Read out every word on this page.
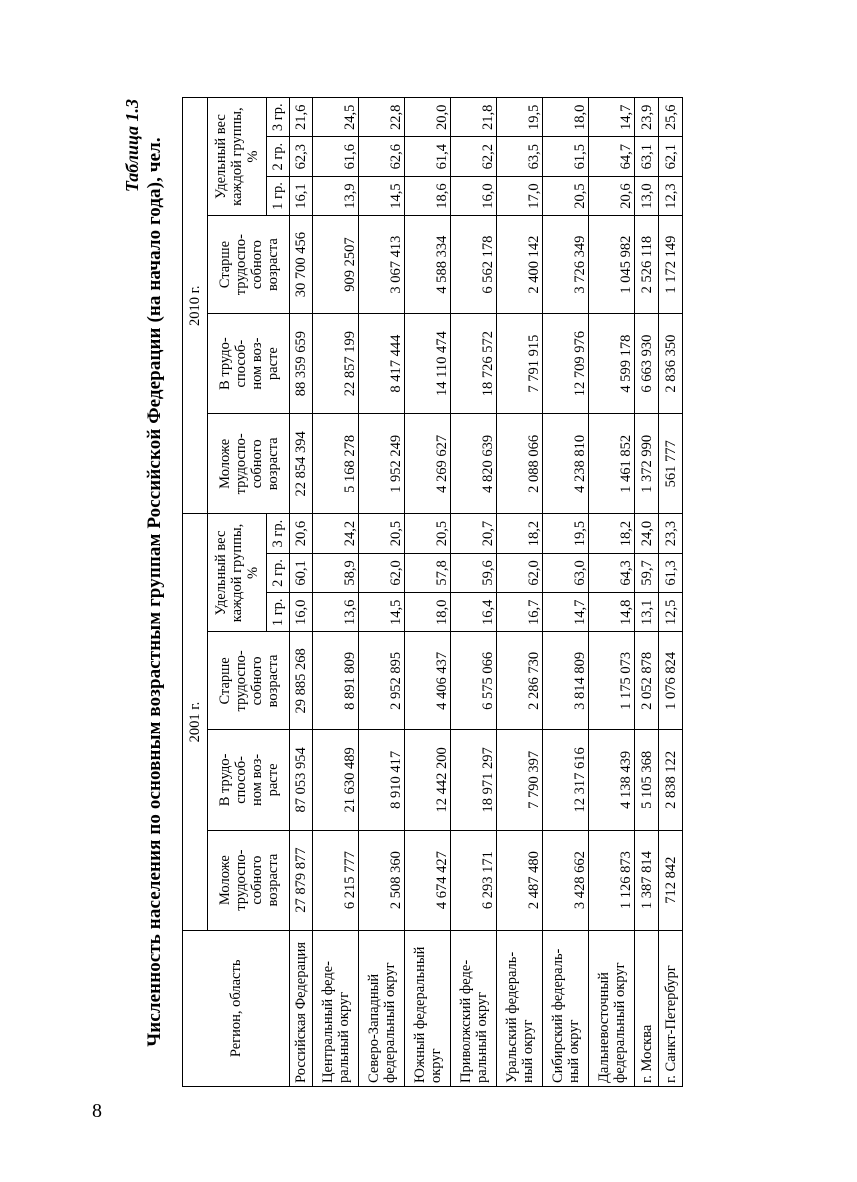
8
Таблица 1.3 Численность населения по основным возрастным группам Российской Федерации (на начало года), чел.	Регион, область	2001 г.						2010 г.					
	Моложе
трудоспо-
собного
возраста	В трудо-
способ-
ном воз-
расте	Старше
трудоспо-
собного
возраста	Удельный вес
каждой группы,
%			Моложе
трудоспо-
собного
возраста	В трудо-
способ-
ном воз-
расте	Старше
трудоспо-
собного
возраста	Удельный вес
каждой группы,
%		
				1 гр.	2 гр.	3 гр.				1 гр.	2 гр.	3 гр.
Российская Федерация	27 879 877	87 053 954	29 885 268	16,0	60,1	20,6	22 854 394	88 359 659	30 700 456	16,1	62,3	21,6
Центральный феде-ральный округ	6 215 777	21 630 489	8 891 809	13,6	58,9	24,2	5 168 278	22 857 199	909 2507	13,9	61,6	24,5
Северо-Западный федеральный округ	2 508 360	8 910 417	2 952 895	14,5	62,0	20,5	1 952 249	8 417 444	3 067 413	14,5	62,6	22,8
Южный федеральный округ	4 674 427	12 442 200	4 406 437	18,0	57,8	20,5	4 269 627	14 110 474	4 588 334	18,6	61,4	20,0
Приволжский феде-ральный округ	6 293 171	18 971 297	6 575 066	16,4	59,6	20,7	4 820 639	18 726 572	6 562 178	16,0	62,2	21,8
Уральский федераль-ный округ	2 487 480	7 790 397	2 286 730	16,7	62,0	18,2	2 088 066	7 791 915	2 400 142	17,0	63,5	19,5
Сибирский федераль-ный округ	3 428 662	12 317 616	3 814 809	14,7	63,0	19,5	4 238 810	12 709 976	3 726 349	20,5	61,5	18,0
Дальневосточный федеральный округ	1 126 873	4 138 439	1 175 073	14,8	64,3	18,2	1 461 852	4 599 178	1 045 982	20,6	64,7	14,7
г. Москва	1 387 814	5 105 368	2 052 878	13,1	59,7	24,0	1 372 990	6 663 930	2 526 118	13,0	63,1	23,9
г. Санкт-Петербург	712 842	2 838 122	1 076 824	12,5	61,3	23,3	561 777	2 836 350	1 172 149	12,3	62,1	25,6
